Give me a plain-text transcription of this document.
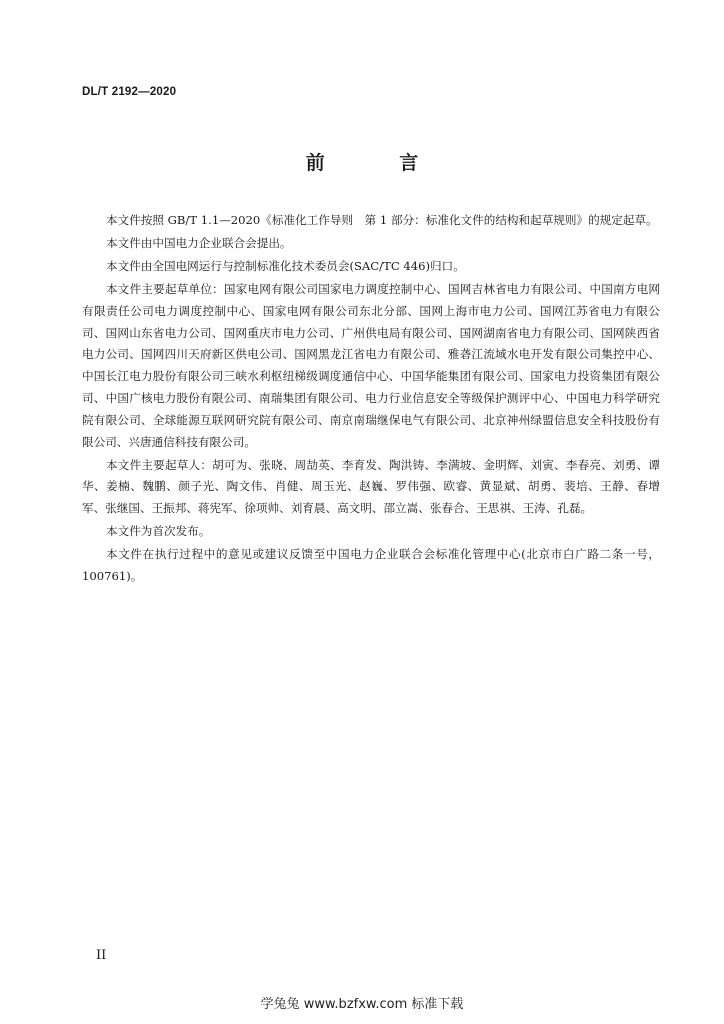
DL/T 2192—2020
前 言

本文件按照 GB/T 1.1—2020《标准化工作导则　第 1 部分：标准化文件的结构和起草规则》的规定起草。

本文件由中国电力企业联合会提出。

本文件由全国电网运行与控制标准化技术委员会(SAC/TC 446)归口。

本文件主要起草单位：国家电网有限公司国家电力调度控制中心、国网吉林省电力有限公司、中国南方电网有限责任公司电力调度控制中心、国家电网有限公司东北分部、国网上海市电力公司、国网江苏省电力有限公司、国网山东省电力公司、国网重庆市电力公司、广州供电局有限公司、国网湖南省电力有限公司、国网陕西省电力公司、国网四川天府新区供电公司、国网黑龙江省电力有限公司、雅砻江流域水电开发有限公司集控中心、中国长江电力股份有限公司三峡水利枢纽梯级调度通信中心、中国华能集团有限公司、国家电力投资集团有限公司、中国广核电力股份有限公司、南瑞集团有限公司、电力行业信息安全等级保护测评中心、中国电力科学研究院有限公司、全球能源互联网研究院有限公司、南京南瑞继保电气有限公司、北京神州绿盟信息安全科技股份有限公司、兴唐通信科技有限公司。

本文件主要起草人：胡可为、张晓、周劼英、李育发、陶洪铸、李满坡、金明辉、刘寅、李春亮、刘勇、谭华、姜楠、魏鹏、颜子光、陶文伟、肖健、周玉光、赵巍、罗伟强、欧睿、黄显斌、胡勇、裴培、王静、春增军、张继国、王振邦、蒋宪军、徐项帅、刘育晨、高文明、邵立嵩、张春合、王思祺、王涛、孔磊。

本文件为首次发布。

本文件在执行过程中的意见或建议反馈至中国电力企业联合会标准化管理中心(北京市白广路二条一号，100761)。

II
学兔兔 www.bzfxw.com 标准下载
